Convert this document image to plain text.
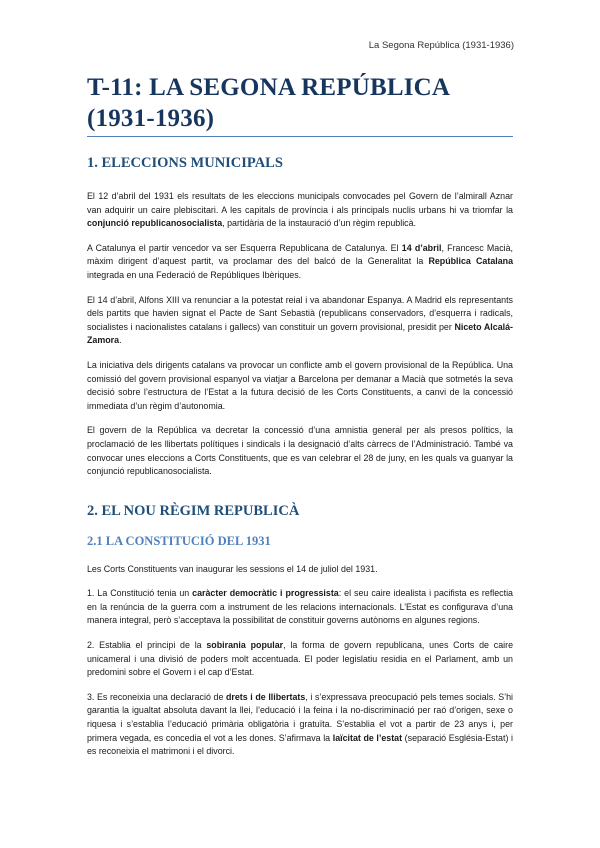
La Segona República (1931-1936)
T-11: LA SEGONA REPÚBLICA
(1931-1936)
1. ELECCIONS MUNICIPALS

El 12 d’abril del 1931 els resultats de les eleccions municipals convocades pel Govern de l’almirall Aznar van adquirir un caire plebiscitari. A les capitals de província i als principals nuclis urbans hi va triomfar la conjunció republicanosocialista, partidària de la instauració d’un règim republicà.

A Catalunya el partir vencedor va ser Esquerra Republicana de Catalunya. El 14 d’abril, Francesc Macià, màxim dirigent d’aquest partit, va proclamar des del balcó de la Generalitat la República Catalana integrada en una Federació de Repúbliques Ibèriques.

El 14 d’abril, Alfons XIII va renunciar a la potestat reial i va abandonar Espanya. A Madrid els representants dels partits que havien signat el Pacte de Sant Sebastià (republicans conservadors, d’esquerra i radicals, socialistes i nacionalistes catalans i gallecs) van constituir un govern provisional, presidit per Niceto Alcalá-Zamora.

La iniciativa dels dirigents catalans va provocar un conflicte amb el govern provisional de la República. Una comissió del govern provisional espanyol va viatjar a Barcelona per demanar a Macià que sotmetés la seva decisió sobre l’estructura de l’Estat a la futura decisió de les Corts Constituents, a canvi de la concessió immediata d’un règim d’autonomia.

El govern de la República va decretar la concessió d’una amnistia general per als presos polítics, la proclamació de les llibertats polítiques i sindicals i la designació d’alts càrrecs de l’Administració. També va convocar unes eleccions a Corts Constituents, que es van celebrar el 28 de juny, en les quals va guanyar la conjunció republicanosocialista.

2. EL NOU RÈGIM REPUBLICÀ
2.1 LA CONSTITUCIÓ DEL 1931

Les Corts Constituents van inaugurar les sessions el 14 de juliol del 1931.

1. La Constitució tenia un caràcter democràtic i progressista: el seu caire idealista i pacifista es reflectia en la renúncia de la guerra com a instrument de les relacions internacionals. L’Estat es configurava d’una manera integral, però s’acceptava la possibilitat de constituir governs autònoms en algunes regions.

2. Establia el principi de la sobirania popular, la forma de govern republicana, unes Corts de caire unicameral i una divisió de poders molt accentuada. El poder legislatiu residia en el Parlament, amb un predomini sobre el Govern i el cap d’Estat.

3. Es reconeixia una declaració de drets i de llibertats, i s’expressava preocupació pels temes socials. S’hi garantia la igualtat absoluta davant la llei, l’educació i la feina i la no-discriminació per raó d’origen, sexe o riquesa i s’establia l’educació primària obligatòria i gratuïta. S’establia el vot a partir de 23 anys i, per primera vegada, es concedia el vot a les dones. S’afirmava la laïcitat de l’estat (separació Església-Estat) i es reconeixia el matrimoni i el divorci.
